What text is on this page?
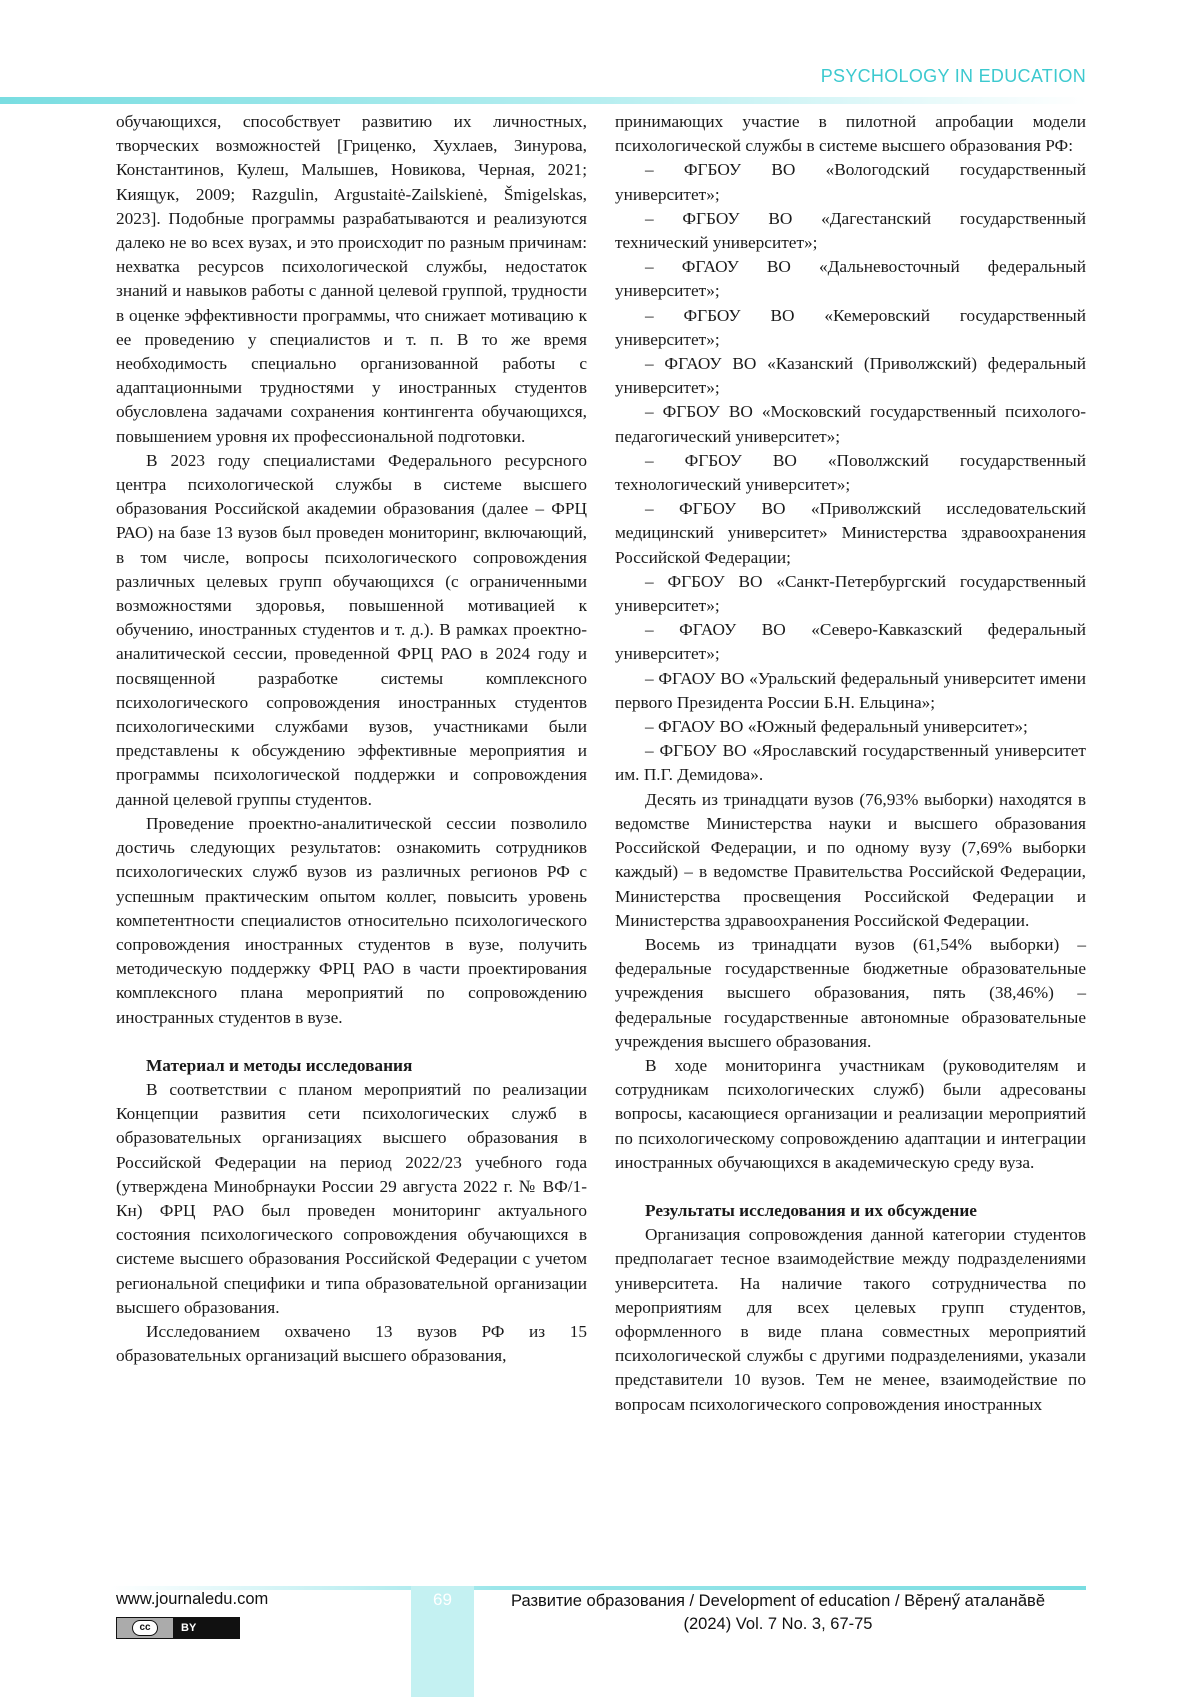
PSYCHOLOGY IN EDUCATION

обучающихся, способствует развитию их личностных, творческих возможностей [Гриценко, Хухлаев, Зинурова, Константинов, Кулеш, Малышев, Новикова, Черная, 2021; Киящук, 2009; Razgulin, Argustaitė-Zailskienė, Šmigelskas, 2023]. Подобные программы разрабатываются и реализуются далеко не во всех вузах, и это происходит по разным причинам: нехватка ресурсов психологической службы, недостаток знаний и навыков работы с данной целевой группой, трудности в оценке эффективности программы, что снижает мотивацию к ее проведению у специалистов и т. п. В то же время необходимость специально организованной работы с адаптационными трудностями у иностранных студентов обусловлена задачами сохранения контингента обучающихся, повышением уровня их профессиональной подготовки.

В 2023 году специалистами Федерального ресурсного центра психологической службы в системе высшего образования Российской академии образования (далее – ФРЦ РАО) на базе 13 вузов был проведен мониторинг, включающий, в том числе, вопросы психологического сопровождения различных целевых групп обучающихся (с ограниченными возможностями здоровья, повышенной мотивацией к обучению, иностранных студентов и т. д.). В рамках проектно-аналитической сессии, проведенной ФРЦ РАО в 2024 году и посвященной разработке системы комплексного психологического сопровождения иностранных студентов психологическими службами вузов, участниками были представлены к обсуждению эффективные мероприятия и программы психологической поддержки и сопровождения данной целевой группы студентов.

Проведение проектно-аналитической сессии позволило достичь следующих результатов: ознакомить сотрудников психологических служб вузов из различных регионов РФ с успешным практическим опытом коллег, повысить уровень компетентности специалистов относительно психологического сопровождения иностранных студентов в вузе, получить методическую поддержку ФРЦ РАО в части проектирования комплексного плана мероприятий по сопровождению иностранных студентов в вузе.

Материал и методы исследования

В соответствии с планом мероприятий по реализации Концепции развития сети психологических служб в образовательных организациях высшего образования в Российской Федерации на период 2022/23 учебного года (утверждена Минобрнауки России 29 августа 2022 г. № ВФ/1-Кн) ФРЦ РАО был проведен мониторинг актуального состояния психологического сопровождения обучающихся в системе высшего образования Российской Федерации с учетом региональной специфики и типа образовательной организации высшего образования.

Исследованием охвачено 13 вузов РФ из 15 образовательных организаций высшего образования,

принимающих участие в пилотной апробации модели психологической службы в системе высшего образования РФ:

– ФГБОУ ВО «Вологодский государственный университет»;

– ФГБОУ ВО «Дагестанский государственный технический университет»;

– ФГАОУ ВО «Дальневосточный федеральный университет»;

– ФГБОУ ВО «Кемеровский государственный университет»;

– ФГАОУ ВО «Казанский (Приволжский) федеральный университет»;

– ФГБОУ ВО «Московский государственный психолого-педагогический университет»;

– ФГБОУ ВО «Поволжский государственный технологический университет»;

– ФГБОУ ВО «Приволжский исследовательский медицинский университет» Министерства здравоохранения Российской Федерации;

– ФГБОУ ВО «Санкт-Петербургский государственный университет»;

– ФГАОУ ВО «Северо-Кавказский федеральный университет»;

– ФГАОУ ВО «Уральский федеральный университет имени первого Президента России Б.Н. Ельцина»;

– ФГАОУ ВО «Южный федеральный университет»;

– ФГБОУ ВО «Ярославский государственный университет им. П.Г. Демидова».

Десять из тринадцати вузов (76,93% выборки) находятся в ведомстве Министерства науки и высшего образования Российской Федерации, и по одному вузу (7,69% выборки каждый) – в ведомстве Правительства Российской Федерации, Министерства просвещения Российской Федерации и Министерства здравоохранения Российской Федерации.

Восемь из тринадцати вузов (61,54% выборки) – федеральные государственные бюджетные образовательные учреждения высшего образования, пять (38,46%) – федеральные государственные автономные образовательные учреждения высшего образования.

В ходе мониторинга участникам (руководителям и сотрудникам психологических служб) были адресованы вопросы, касающиеся организации и реализации мероприятий по психологическому сопровождению адаптации и интеграции иностранных обучающихся в академическую среду вуза.

Результаты исследования и их обсуждение

Организация сопровождения данной категории студентов предполагает тесное взаимодействие между подразделениями университета. На наличие такого сотрудничества по мероприятиям для всех целевых групп студентов, оформленного в виде плана совместных мероприятий психологической службы с другими подразделениями, указали представители 10 вузов. Тем не менее, взаимодействие по вопросам психологического сопровождения иностранных

69
www.journaledu.com
cc	BY
Развитие образования / Development of education / Вĕренӳ аталанăвĕ
(2024) Vol. 7 No. 3, 67-75
